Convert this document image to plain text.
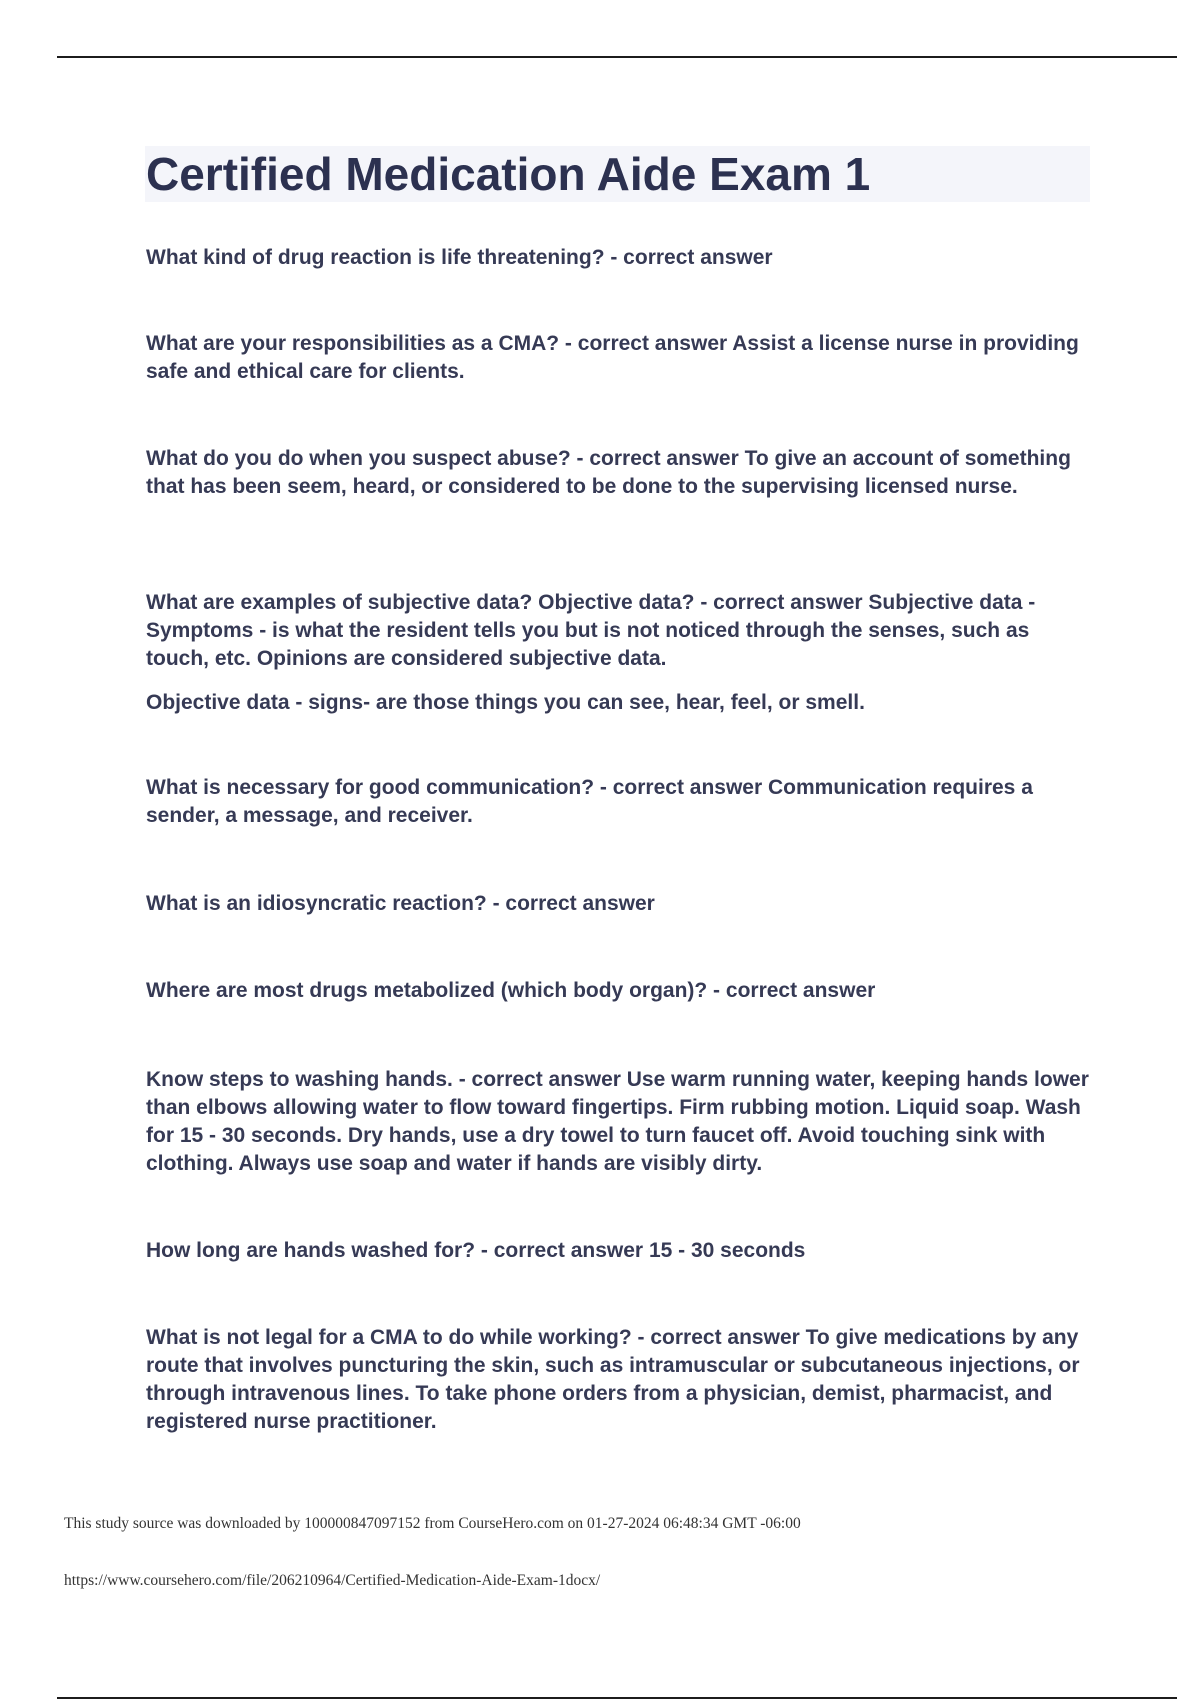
Certified Medication Aide Exam 1

What kind of drug reaction is life threatening? - correct answer

What are your responsibilities as a CMA? - correct answer Assist a license nurse in providing safe and ethical care for clients.

What do you do when you suspect abuse? - correct answer To give an account of something that has been seem, heard, or considered to be done to the supervising licensed nurse.

What are examples of subjective data? Objective data? - correct answer Subjective data - Symptoms - is what the resident tells you but is not noticed through the senses, such as touch, etc. Opinions are considered subjective data.

Objective data - signs- are those things you can see, hear, feel, or smell.

What is necessary for good communication? - correct answer Communication requires a sender, a message, and receiver.

What is an idiosyncratic reaction? - correct answer

Where are most drugs metabolized (which body organ)? - correct answer

Know steps to washing hands. - correct answer Use warm running water, keeping hands lower than elbows allowing water to flow toward fingertips. Firm rubbing motion. Liquid soap. Wash for 15 - 30 seconds. Dry hands, use a dry towel to turn faucet off. Avoid touching sink with clothing. Always use soap and water if hands are visibly dirty.

How long are hands washed for? - correct answer 15 - 30 seconds

What is not legal for a CMA to do while working? - correct answer To give medications by any route that involves puncturing the skin, such as intramuscular or subcutaneous injections, or through intravenous lines. To take phone orders from a physician, demist, pharmacist, and registered nurse practitioner.

This study source was downloaded by 100000847097152 from CourseHero.com on 01-27-2024 06:48:34 GMT -06:00
https://www.coursehero.com/file/206210964/Certified-Medication-Aide-Exam-1docx/
